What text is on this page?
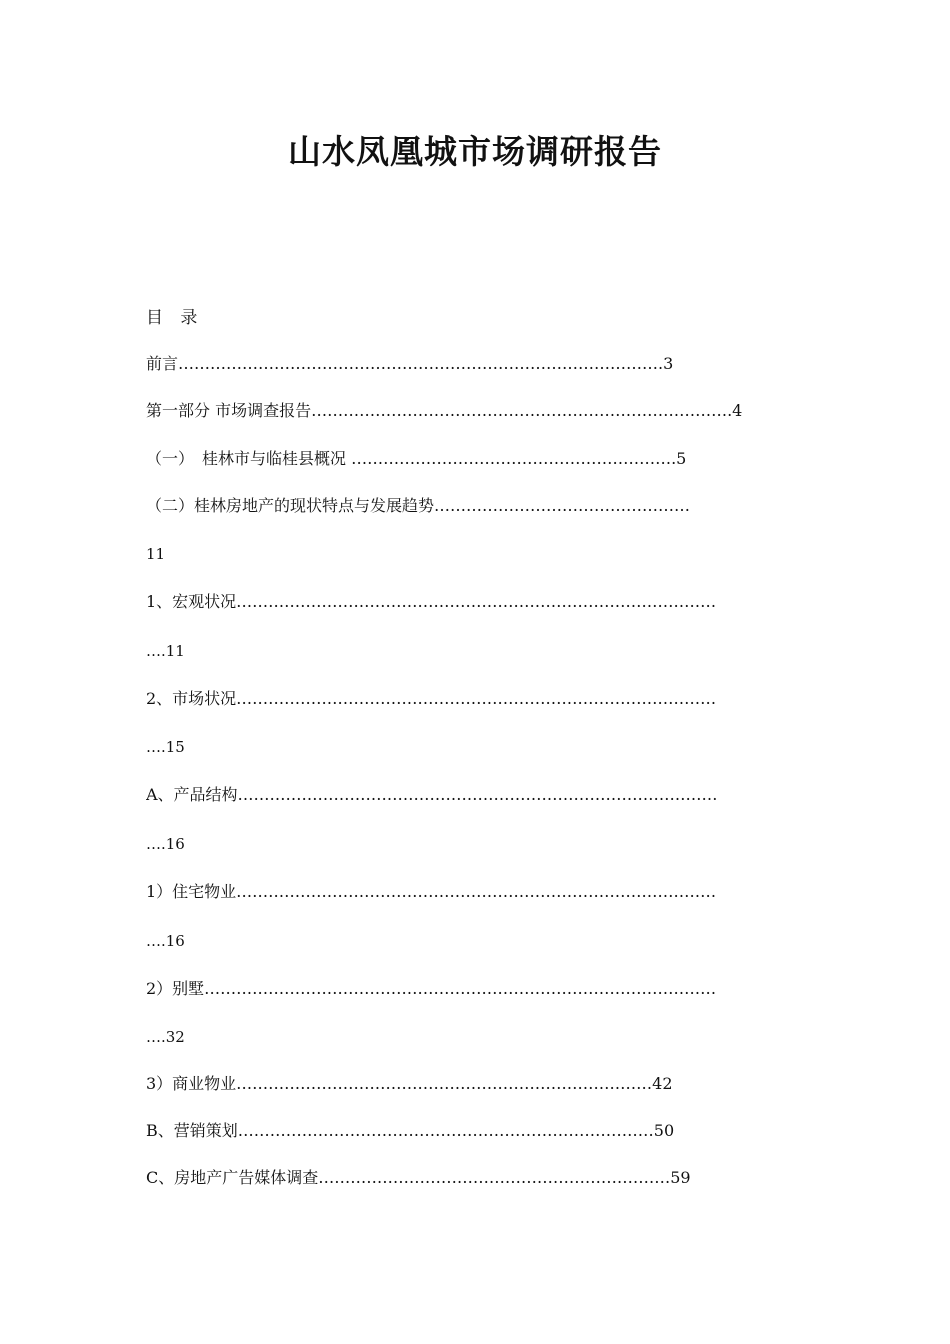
山水凤凰城市场调研报告
目 录
前言……………………………………………………………………………….3
第一部分 市场调查报告…………………………………………………………………….4
（一）　桂林市与临桂县概况 …………………………………………………….5
（二）桂林房地产的现状特点与发展趋势…………………………………………
11
1、宏观状况………………………………………………………………………………
….11
2、市场状况………………………………………………………………………………
….15
A、产品结构………………………………………………………………………………
….16
1）住宅物业………………………………………………………………………………
….16
2）别墅……………………………………………………………………………………
….32
3）商业物业……………………………………………………………………42
B、营销策划……………………………………………………………………50
C、房地产广告媒体调查…………………………………………………………59
